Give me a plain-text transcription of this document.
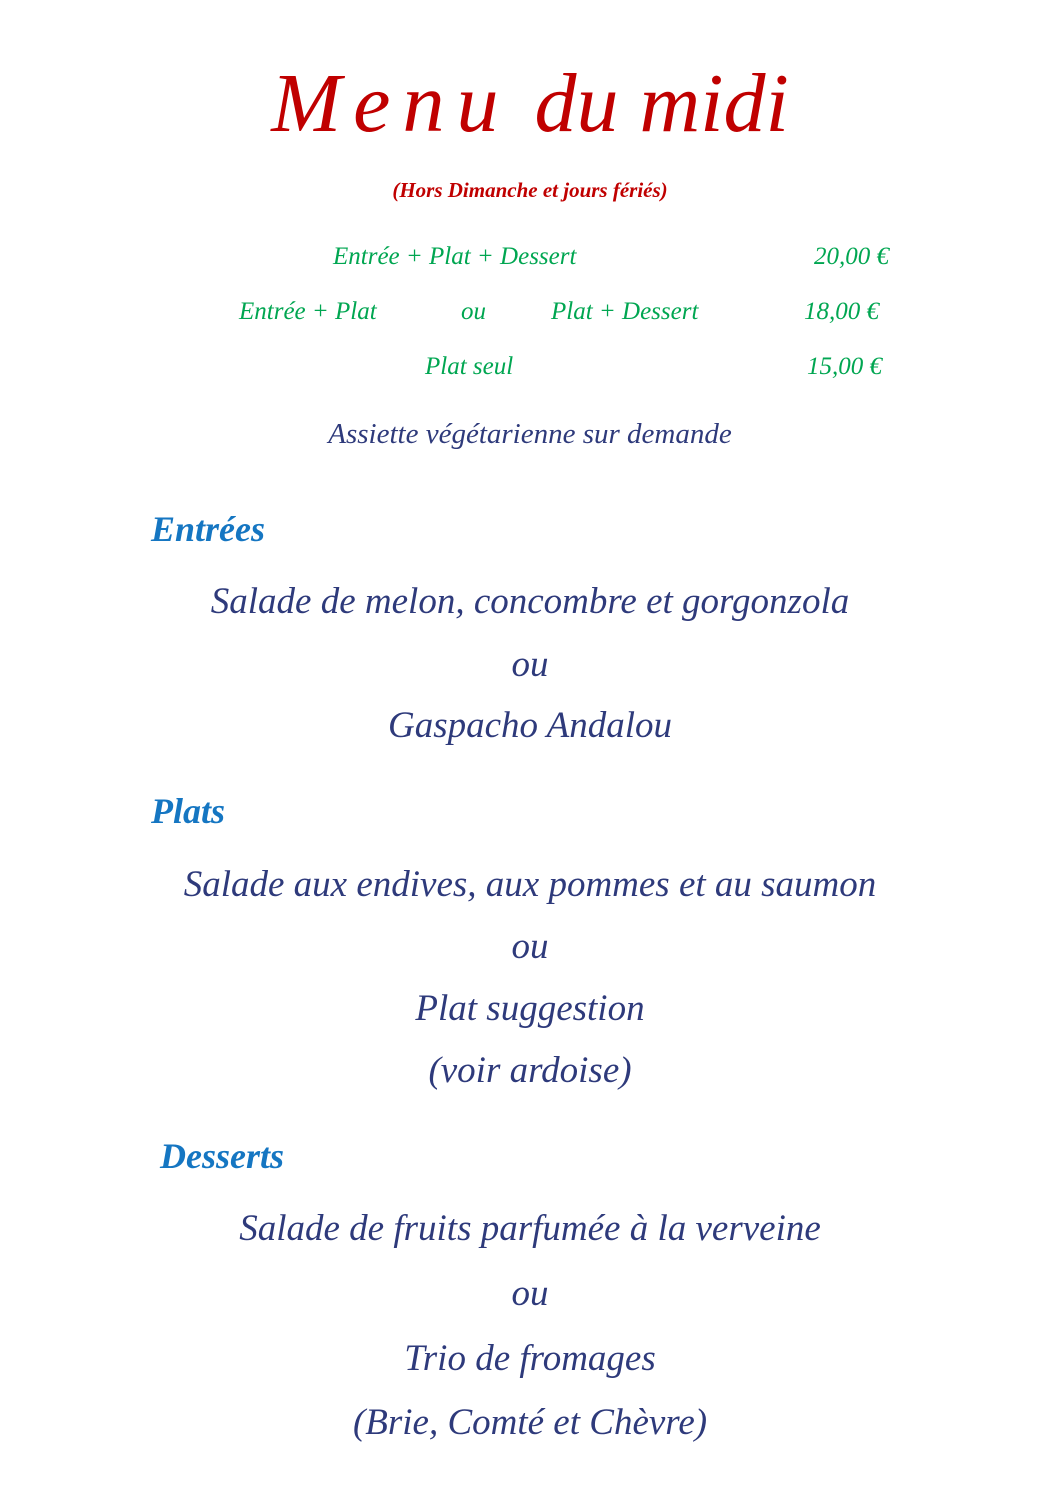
Menu du midi
(Hors Dimanche et jours fériés)
Entrée + Plat + Dessert	20,00 €
Entrée + Plat	ou	Plat + Dessert	18,00 €
Plat seul	15,00 €
Assiette végétarienne sur demande
Entrées
Salade de melon, concombre et gorgonzola
ou
Gaspacho Andalou
Plats
Salade aux endives, aux pommes et au saumon
ou
Plat suggestion
(voir ardoise)
Desserts
Salade de fruits parfumée à la verveine
ou
Trio de fromages
(Brie, Comté et Chèvre)
